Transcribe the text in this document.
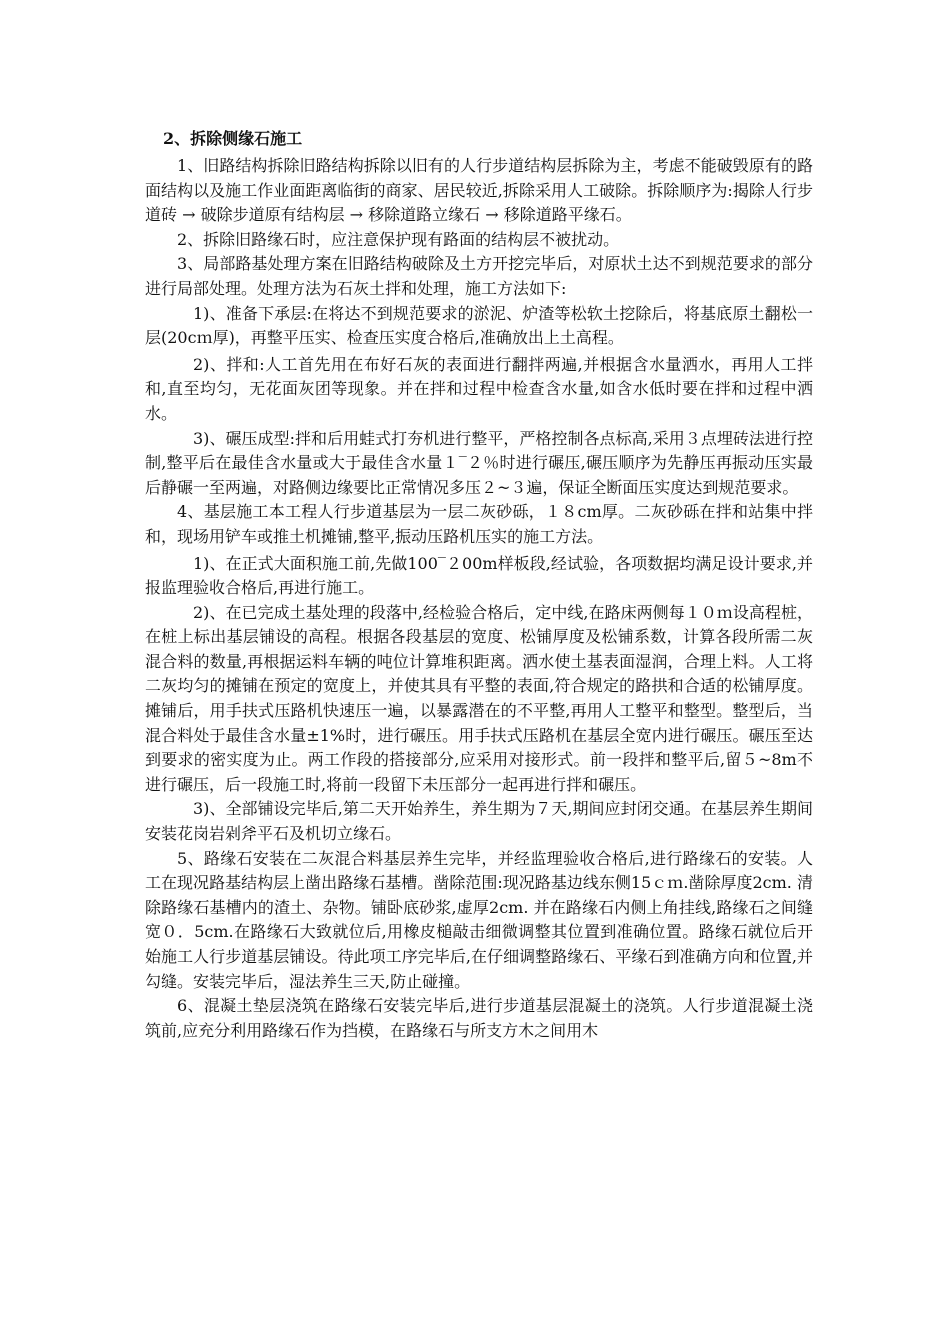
2、拆除侧缘石施工

1、旧路结构拆除旧路结构拆除以旧有的人行步道结构层拆除为主，考虑不能破毁原有的路面结构以及施工作业面距离临街的商家、居民较近,拆除采用人工破除。拆除顺序为:揭除人行步道砖 → 破除步道原有结构层 → 移除道路立缘石 → 移除道路平缘石。

2、拆除旧路缘石时，应注意保护现有路面的结构层不被扰动。

3、局部路基处理方案在旧路结构破除及土方开挖完毕后，对原状土达不到规范要求的部分进行局部处理。处理方法为石灰土拌和处理，施工方法如下:

1)、准备下承层:在将达不到规范要求的淤泥、炉渣等松软土挖除后，将基底原土翻松一层(20cｍ厚)，再整平压实、检查压实度合格后,准确放出上土高程。

2)、拌和:人工首先用在布好石灰的表面进行翻拌两遍,并根据含水量洒水，再用人工拌和,直至均匀，无花面灰团等现象。并在拌和过程中检查含水量,如含水低时要在拌和过程中洒水。

3)、碾压成型:拌和后用蛙式打夯机进行整平，严格控制各点标高,采用３点埋砖法进行控制,整平后在最佳含水量或大于最佳含水量１‾２％时进行碾压,碾压顺序为先静压再振动压实最后静碾一至两遍，对路侧边缘要比正常情况多压２~３遍，保证全断面压实度达到规范要求。

4、基层施工本工程人行步道基层为一层二灰砂砾，１８cm厚。二灰砂砾在拌和站集中拌和，现场用铲车或推土机摊铺,整平,振动压路机压实的施工方法。

1)、在正式大面积施工前,先做100‾２00m样板段,经试验，各项数据均满足设计要求,并报监理验收合格后,再进行施工。

2)、在已完成土基处理的段落中,经检验合格后，定中线,在路床两侧每１０ｍ设高程桩，在桩上标出基层铺设的高程。根据各段基层的宽度、松铺厚度及松铺系数，计算各段所需二灰混合料的数量,再根据运料车辆的吨位计算堆积距离。洒水使土基表面湿润，合理上料。人工将二灰均匀的摊铺在预定的宽度上，并使其具有平整的表面,符合规定的路拱和合适的松铺厚度。摊铺后，用手扶式压路机快速压一遍，以暴露潜在的不平整,再用人工整平和整型。整型后，当混合料处于最佳含水量±1%时，进行碾压。用手扶式压路机在基层全宽内进行碾压。碾压至达到要求的密实度为止。两工作段的搭接部分,应采用对接形式。前一段拌和整平后,留５~8m不进行碾压，后一段施工时,将前一段留下未压部分一起再进行拌和碾压。

3)、全部铺设完毕后,第二天开始养生，养生期为７天,期间应封闭交通。在基层养生期间安装花岗岩剁斧平石及机切立缘石。

5、路缘石安装在二灰混合料基层养生完毕，并经监理验收合格后,进行路缘石的安装。人工在现况路基结构层上凿出路缘石基槽。凿除范围:现况路基边线东侧15ｃｍ.凿除厚度2cm. 清除路缘石基槽内的渣土、杂物。铺卧底砂浆,虚厚2cm. 并在路缘石内侧上角挂线,路缘石之间缝宽０．5cm.在路缘石大致就位后,用橡皮槌敲击细微调整其位置到准确位置。路缘石就位后开始施工人行步道基层铺设。待此项工序完毕后,在仔细调整路缘石、平缘石到准确方向和位置,并勾缝。安装完毕后，湿法养生三天,防止碰撞。

6、混凝土垫层浇筑在路缘石安装完毕后,进行步道基层混凝土的浇筑。人行步道混凝土浇筑前,应充分利用路缘石作为挡模，在路缘石与所支方木之间用木
